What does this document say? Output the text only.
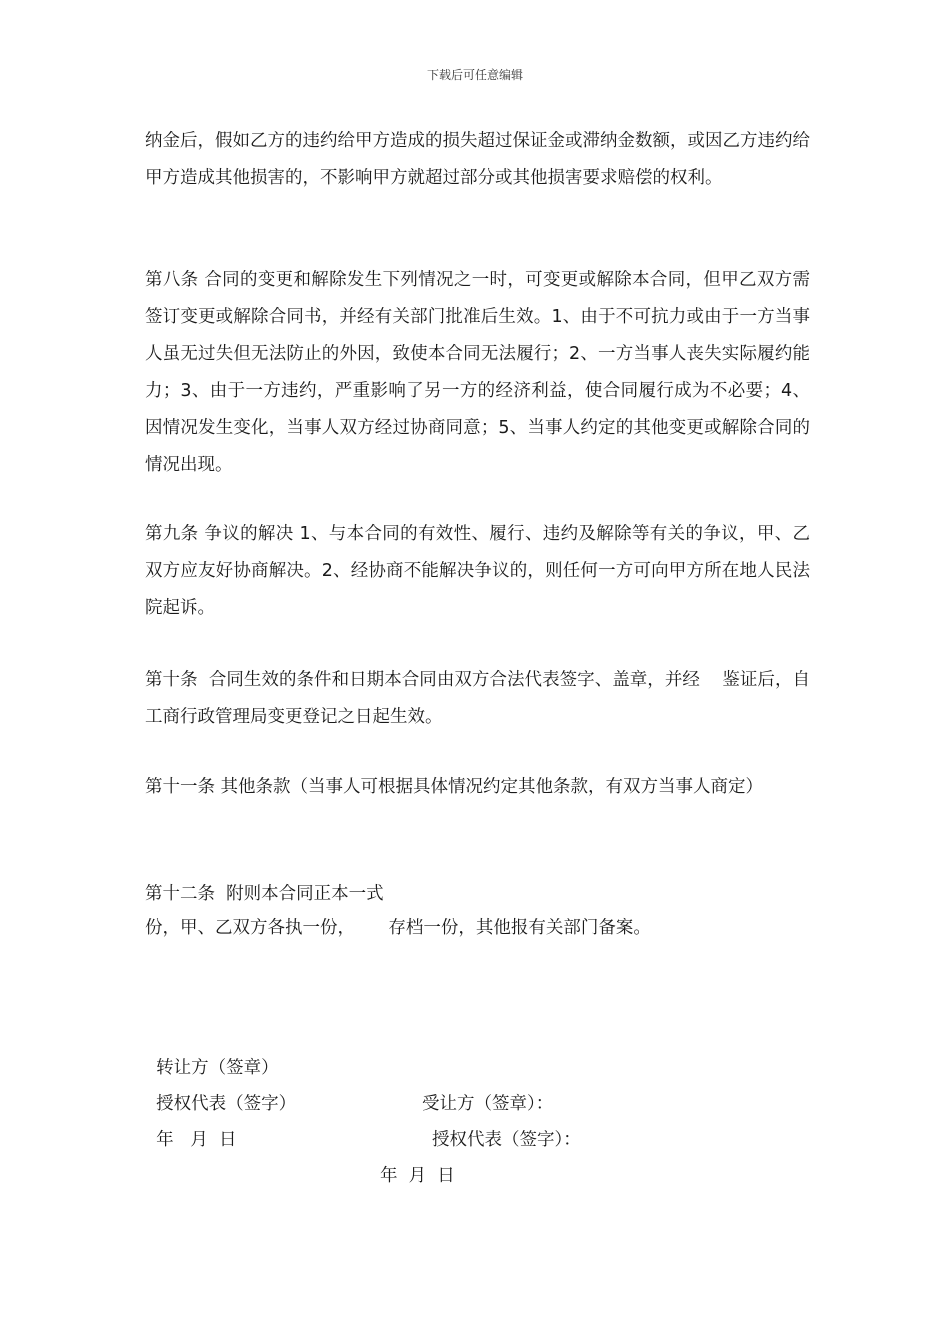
下载后可任意编辑
纳金后，假如乙方的违约给甲方造成的损失超过保证金或滞纳金数额，或因乙方违约给甲方造成其他损害的，不影响甲方就超过部分或其他损害要求赔偿的权利。
第八条 合同的变更和解除发生下列情况之一时，可变更或解除本合同，但甲乙双方需签订变更或解除合同书，并经有关部门批准后生效。1、由于不可抗力或由于一方当事人虽无过失但无法防止的外因，致使本合同无法履行；2、一方当事人丧失实际履约能力；3、由于一方违约，严重影响了另一方的经济利益，使合同履行成为不必要；4、因情况发生变化，当事人双方经过协商同意；5、当事人约定的其他变更或解除合同的情况出现。
第九条 争议的解决 1、与本合同的有效性、履行、违约及解除等有关的争议，甲、乙双方应友好协商解决。2、经协商不能解决争议的，则任何一方可向甲方所在地人民法院起诉。
第十条  合同生效的条件和日期本合同由双方合法代表签字、盖章，并经    鉴证后，自   工商行政管理局变更登记之日起生效。
第十一条 其他条款（当事人可根据具体情况约定其他条款，有双方当事人商定）
第十二条  附则本合同正本一式
份，甲、乙双方各执一份，      存档一份，其他报有关部门备案。

转让方（签章）

受让方（签章）：

授权代表（签字）

授权代表（签字）：

年   月  日

年  月  日
